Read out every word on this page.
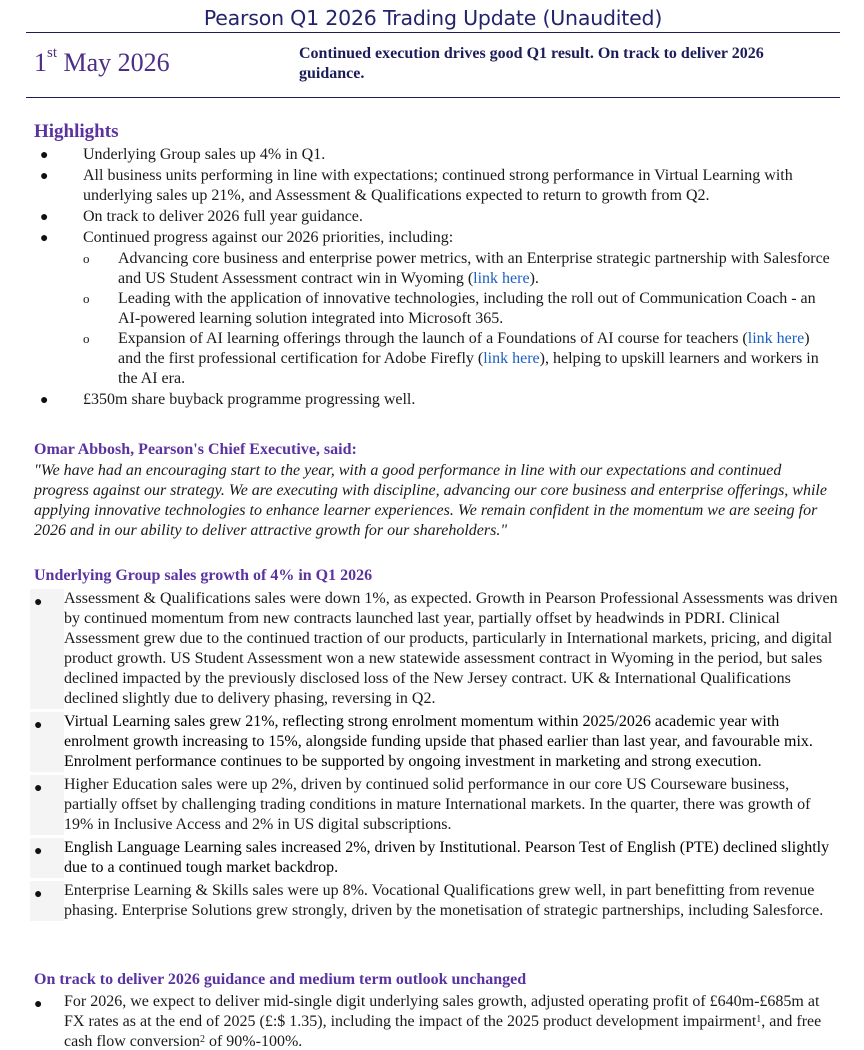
Pearson Q1 2026 Trading Update (Unaudited)
1st May 2026	Continued execution drives good Q1 result. On track to deliver 2026 guidance.
Highlights
● Underlying Group sales up 4% in Q1.
● All business units performing in line with expectations; continued strong performance in Virtual Learning with underlying sales up 21%, and Assessment & Qualifications expected to return to growth from Q2.
● On track to deliver 2026 full year guidance.
● Continued progress against our 2026 priorities, including:
o Advancing core business and enterprise power metrics, with an Enterprise strategic partnership with Salesforce and US Student Assessment contract win in Wyoming (link here).
o Leading with the application of innovative technologies, including the roll out of Communication Coach - an AI-powered learning solution integrated into Microsoft 365.
o Expansion of AI learning offerings through the launch of a Foundations of AI course for teachers (link here) and the first professional certification for Adobe Firefly (link here), helping to upskill learners and workers in the AI era.
● £350m share buyback programme progressing well.
Omar Abbosh, Pearson's Chief Executive, said:
"We have had an encouraging start to the year, with a good performance in line with our expectations and continued progress against our strategy. We are executing with discipline, advancing our core business and enterprise offerings, while applying innovative technologies to enhance learner experiences. We remain confident in the momentum we are seeing for 2026 and in our ability to deliver attractive growth for our shareholders."
Underlying Group sales growth of 4% in Q1 2026
● Assessment & Qualifications sales were down 1%, as expected. Growth in Pearson Professional Assessments was driven by continued momentum from new contracts launched last year, partially offset by headwinds in PDRI. Clinical Assessment grew due to the continued traction of our products, particularly in International markets, pricing, and digital product growth. US Student Assessment won a new statewide assessment contract in Wyoming in the period, but sales declined impacted by the previously disclosed loss of the New Jersey contract. UK & International Qualifications declined slightly due to delivery phasing, reversing in Q2.
● Virtual Learning sales grew 21%, reflecting strong enrolment momentum within 2025/2026 academic year with enrolment growth increasing to 15%, alongside funding upside that phased earlier than last year, and favourable mix. Enrolment performance continues to be supported by ongoing investment in marketing and strong execution.
● Higher Education sales were up 2%, driven by continued solid performance in our core US Courseware business, partially offset by challenging trading conditions in mature International markets. In the quarter, there was growth of 19% in Inclusive Access and 2% in US digital subscriptions.
● English Language Learning sales increased 2%, driven by Institutional. Pearson Test of English (PTE) declined slightly due to a continued tough market backdrop.
● Enterprise Learning & Skills sales were up 8%. Vocational Qualifications grew well, in part benefitting from revenue phasing. Enterprise Solutions grew strongly, driven by the monetisation of strategic partnerships, including Salesforce.
On track to deliver 2026 guidance and medium term outlook unchanged
● For 2026, we expect to deliver mid-single digit underlying sales growth, adjusted operating profit of £640m-£685m at FX rates as at the end of 2025 (£:$ 1.35), including the impact of the 2025 product development impairment$^1$, and free cash flow conversion$^2$ of 90%-100%.
